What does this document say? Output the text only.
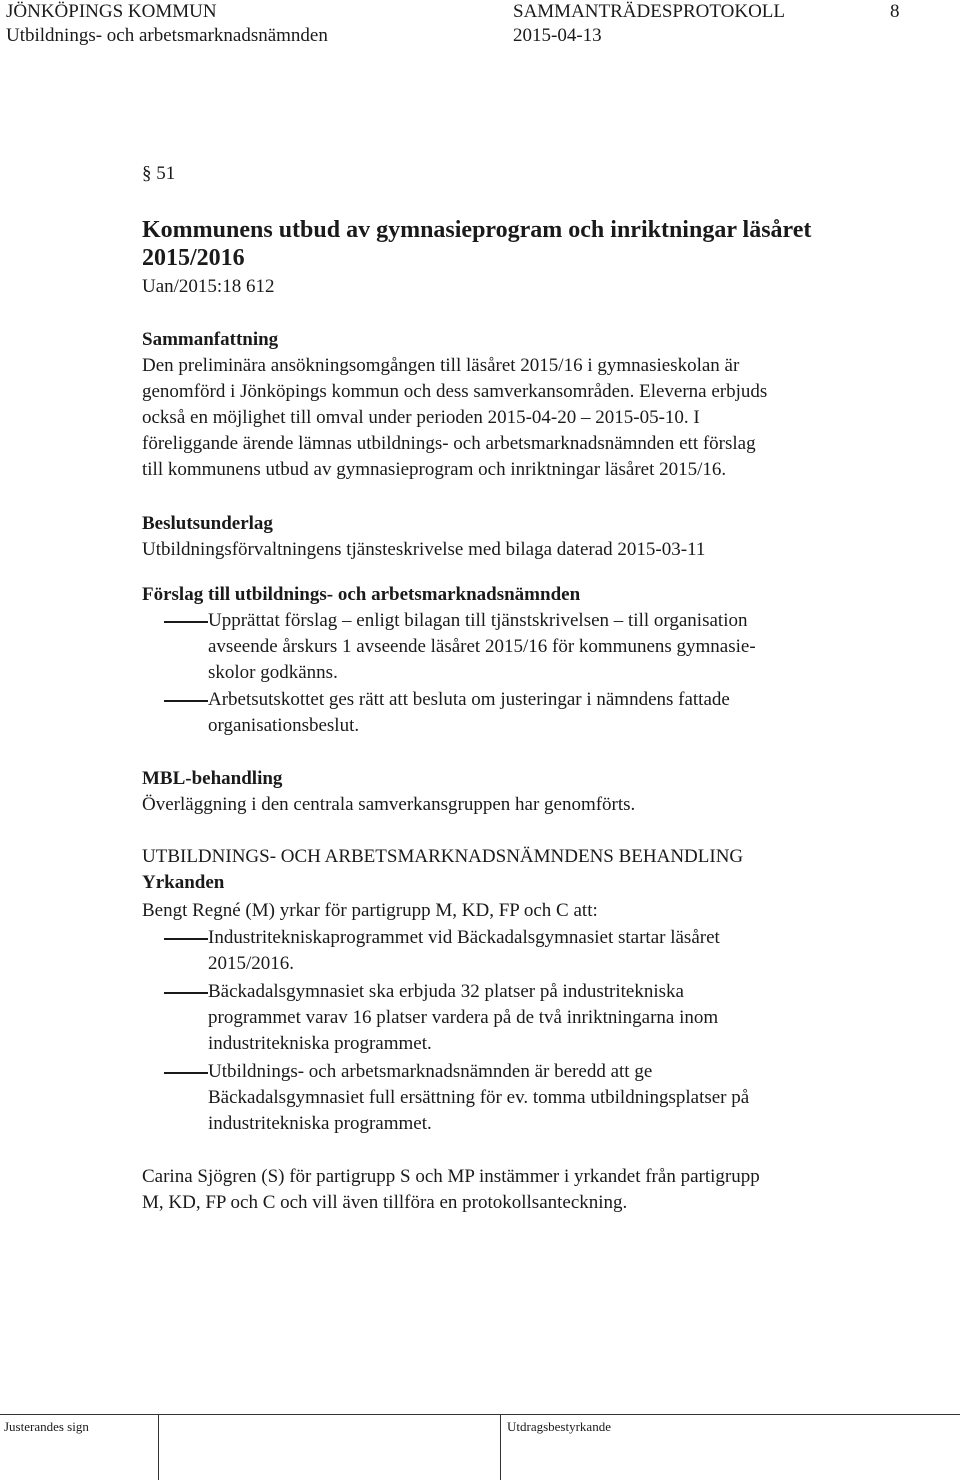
JÖNKÖPINGS KOMMUN	SAMMANTRÄDESPROTOKOLL	8
Utbildnings- och arbetsmarknadsnämnden	2015-04-13
§ 51
Kommunens utbud av gymnasieprogram och inriktningar läsåret
2015/2016
Uan/2015:18 612
Sammanfattning
Den preliminära ansökningsomgången till läsåret 2015/16 i gymnasieskolan är
genomförd i Jönköpings kommun och dess samverkansområden. Eleverna erbjuds
också en möjlighet till omval under perioden 2015-04-20 – 2015-05-10. I
föreliggande ärende lämnas utbildnings- och arbetsmarknadsnämnden ett förslag
till kommunens utbud av gymnasieprogram och inriktningar läsåret 2015/16.
Beslutsunderlag
Utbildningsförvaltningens tjänsteskrivelse med bilaga daterad 2015-03-11
Förslag till utbildnings- och arbetsmarknadsnämnden
Upprättat förslag – enligt bilagan till tjänstskrivelsen – till organisation
avseende årskurs 1 avseende läsåret 2015/16 för kommunens gymnasie-
skolor godkänns.
Arbetsutskottet ges rätt att besluta om justeringar i nämndens fattade
organisationsbeslut.
MBL-behandling
Överläggning i den centrala samverkansgruppen har genomförts.
UTBILDNINGS- OCH ARBETSMARKNADSNÄMNDENS BEHANDLING
Yrkanden
Bengt Regné (M) yrkar för partigrupp M, KD, FP och C att:
Industritekniskaprogrammet vid Bäckadalsgymnasiet startar läsåret
2015/2016.
Bäckadalsgymnasiet ska erbjuda 32 platser på industritekniska
programmet varav 16 platser vardera på de två inriktningarna inom
industritekniska programmet.
Utbildnings- och arbetsmarknadsnämnden är beredd att ge
Bäckadalsgymnasiet full ersättning för ev. tomma utbildningsplatser på
industritekniska programmet.
Carina Sjögren (S) för partigrupp S och MP instämmer i yrkandet från partigrupp
M, KD, FP och C och vill även tillföra en protokollsanteckning.
Justerandes sign	Utdragsbestyrkande
